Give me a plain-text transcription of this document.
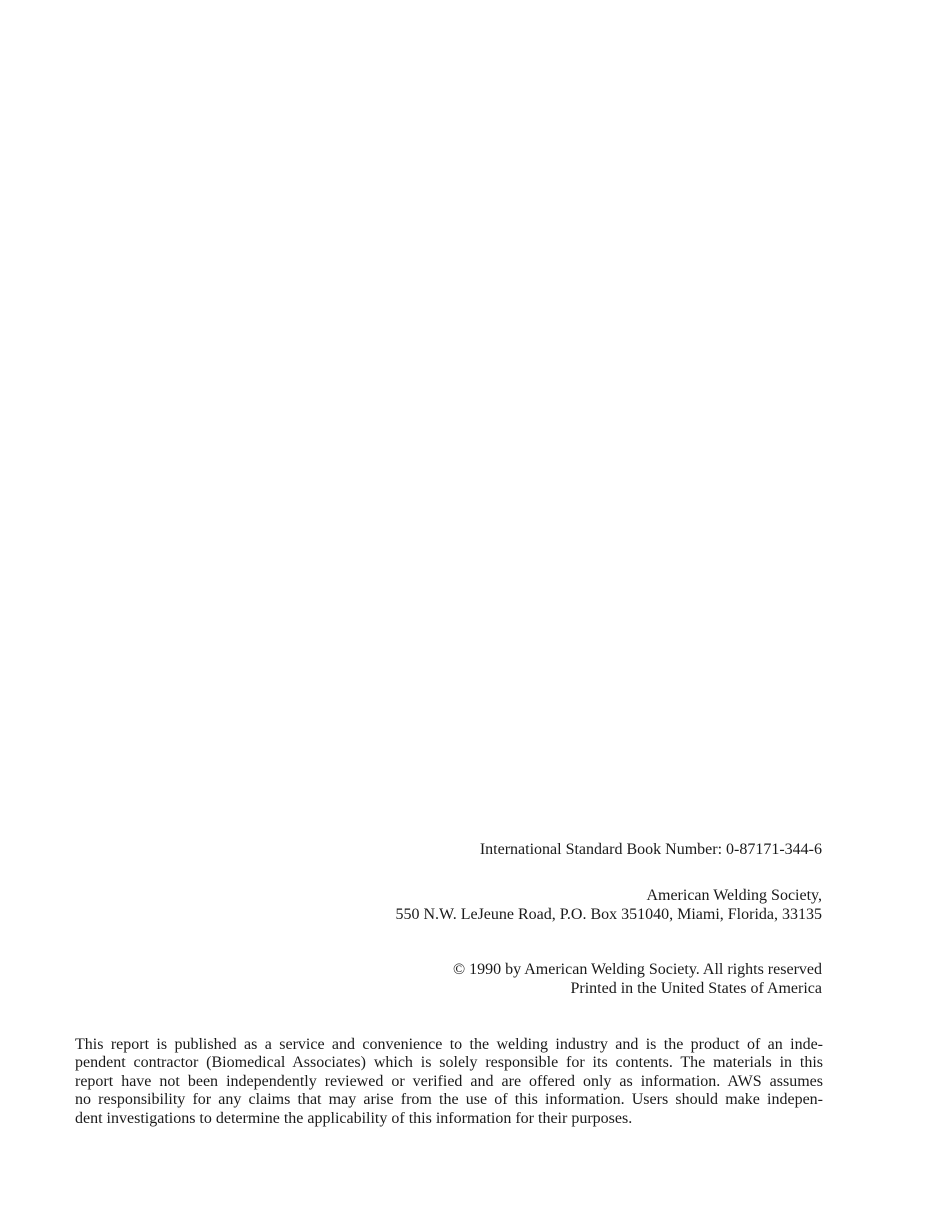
International Standard Book Number: 0-87171-344-6
American Welding Society,
550 N.W. LeJeune Road, P.O. Box 351040, Miami, Florida, 33135
© 1990 by American Welding Society. All rights reserved
Printed in the United States of America
This report is published as a service and convenience to the welding industry and is the product of an inde-
pendent contractor (Biomedical Associates) which is solely responsible for its contents. The materials in this
report have not been independently reviewed or verified and are offered only as information. AWS assumes
no responsibility for any claims that may arise from the use of this information. Users should make indepen-
dent investigations to determine the applicability of this information for their purposes.
